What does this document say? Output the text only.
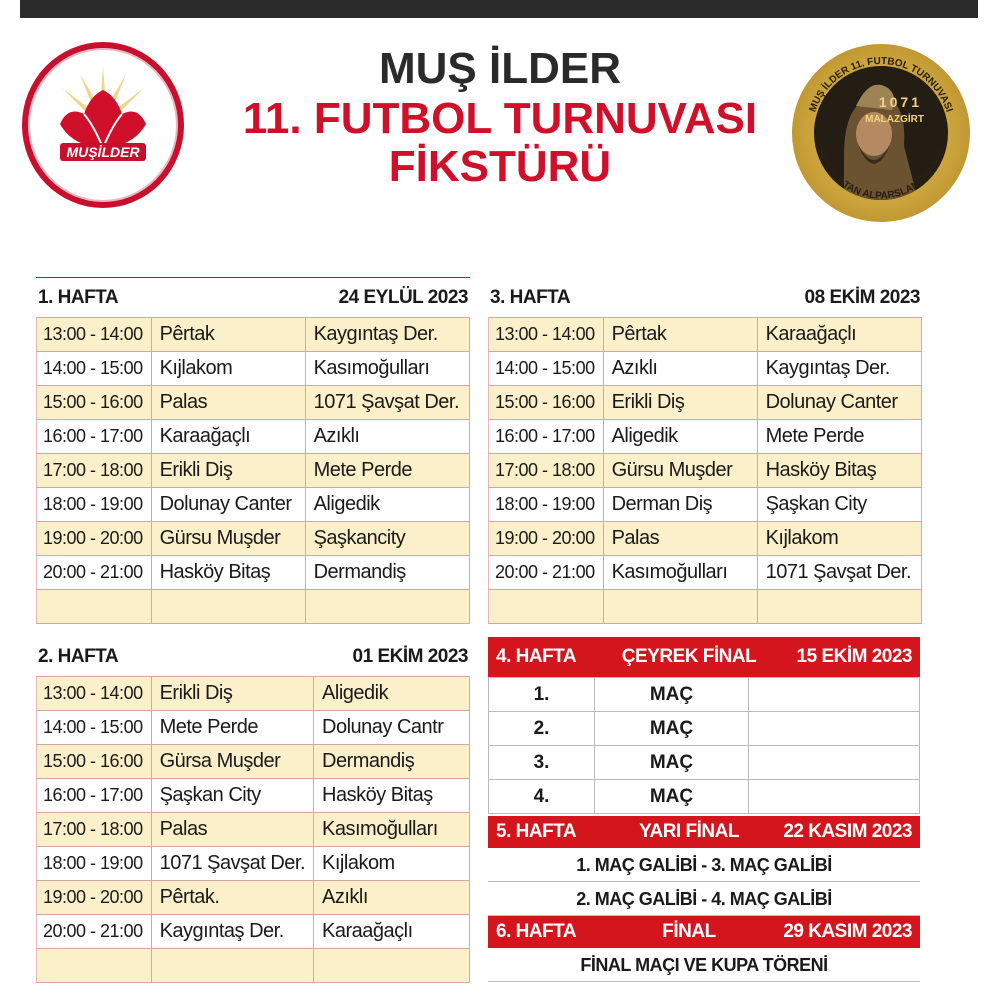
MUŞİLDER
MUŞ İLDER
11. FUTBOL TURNUVASI
FİKSTÜRÜ
MUŞ İLDER 11. FUTBOL TURNUVASI
1071 SULTAN ALPARSLAN SEZONU
1071
MALAZGİRT
1. HAFTA	24 EYLÜL 2023
13:00 - 14:00	Pêrtak	Kaygıntaş Der.
14:00 - 15:00	Kıjlakom	Kasımoğulları
15:00 - 16:00	Palas	1071 Şavşat Der.
16:00 - 17:00	Karaağaçlı	Azıklı
17:00 - 18:00	Erikli Diş	Mete Perde
18:00 - 19:00	Dolunay Canter	Aligedik
19:00 - 20:00	Gürsu Muşder	Şaşkancity
20:00 - 21:00	Hasköy Bitaş	Dermandiş

2. HAFTA	01 EKİM 2023
13:00 - 14:00	Erikli Diş	Aligedik
14:00 - 15:00	Mete Perde	Dolunay Cantr
15:00 - 16:00	Gürsa Muşder	Dermandiş
16:00 - 17:00	Şaşkan City	Hasköy Bitaş
17:00 - 18:00	Palas	Kasımoğulları
18:00 - 19:00	1071 Şavşat Der.	Kıjlakom
19:00 - 20:00	Pêrtak.	Azıklı
20:00 - 21:00	Kaygıntaş Der.	Karaağaçlı

3. HAFTA	08 EKİM 2023
13:00 - 14:00	Pêrtak	Karaağaçlı
14:00 - 15:00	Azıklı	Kaygıntaş Der.
15:00 - 16:00	Erikli Diş	Dolunay Canter
16:00 - 17:00	Aligedik	Mete Perde
17:00 - 18:00	Gürsu Muşder	Hasköy Bitaş
18:00 - 19:00	Derman Diş	Şaşkan City
19:00 - 20:00	Palas	Kıjlakom
20:00 - 21:00	Kasımoğulları	1071 Şavşat Der.

4. HAFTA	ÇEYREK FİNAL	15 EKİM 2023
1.	MAÇ	
2.	MAÇ	
3.	MAÇ	
4.	MAÇ	
5. HAFTA	YARI FİNAL	22 KASIM 2023
1. MAÇ GALİBİ - 3. MAÇ GALİBİ
2. MAÇ GALİBİ - 4. MAÇ GALİBİ
6. HAFTA	FİNAL	29 KASIM 2023
FİNAL MAÇI VE KUPA TÖRENİ
